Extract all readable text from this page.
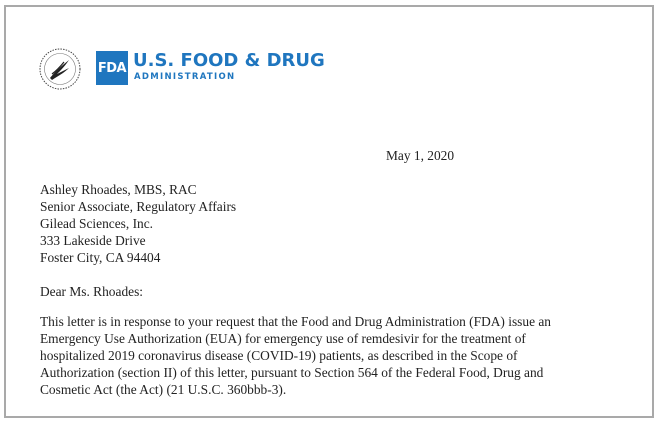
FDA U.S. FOOD & DRUG

ADMINISTRATION

May 1, 2020

Ashley Rhoades, MBS, RAC
Senior Associate, Regulatory Affairs
Gilead Sciences, Inc.
333 Lakeside Drive
Foster City, CA 94404

Dear Ms. Rhoades:

This letter is in response to your request that the Food and Drug Administration (FDA) issue an
Emergency Use Authorization (EUA) for emergency use of remdesivir for the treatment of
hospitalized 2019 coronavirus disease (COVID-19) patients, as described in the Scope of
Authorization (section II) of this letter, pursuant to Section 564 of the Federal Food, Drug and
Cosmetic Act (the Act) (21 U.S.C. 360bbb-3).
